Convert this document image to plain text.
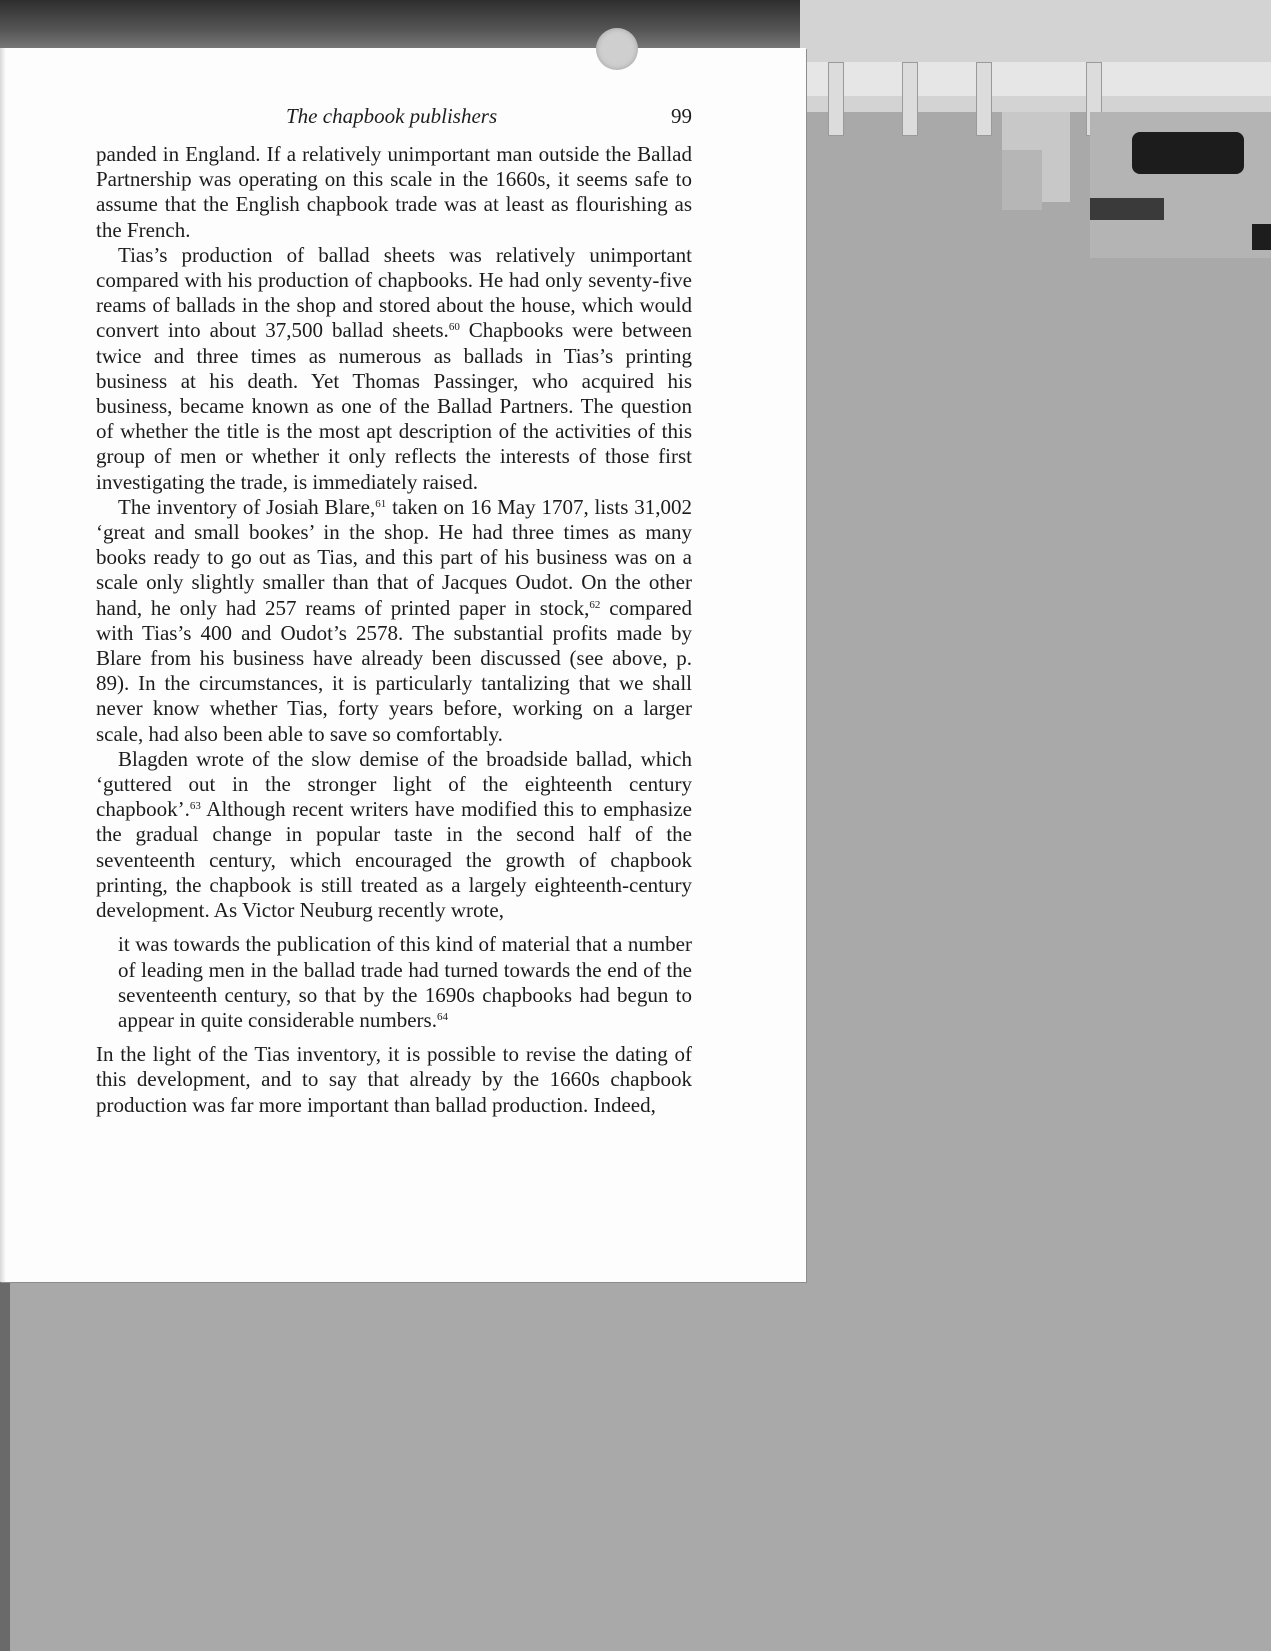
The chapbook publishers	99

panded in England. If a relatively unimportant man outside the Ballad Partnership was operating on this scale in the 1660s, it seems safe to assume that the English chapbook trade was at least as flourishing as the French.

Tias’s production of ballad sheets was relatively unimportant compared with his production of chapbooks. He had only seventy-five reams of ballads in the shop and stored about the house, which would convert into about 37,500 ballad sheets.$^{60}$ Chapbooks were between twice and three times as numerous as ballads in Tias’s printing business at his death. Yet Thomas Passinger, who acquired his business, became known as one of the Ballad Partners. The question of whether the title is the most apt description of the activities of this group of men or whether it only reflects the interests of those first investigating the trade, is immediately raised.

The inventory of Josiah Blare,$^{61}$ taken on 16 May 1707, lists 31,002 ‘great and small bookes’ in the shop. He had three times as many books ready to go out as Tias, and this part of his business was on a scale only slightly smaller than that of Jacques Oudot. On the other hand, he only had 257 reams of printed paper in stock,$^{62}$ compared with Tias’s 400 and Oudot’s 2578. The substantial profits made by Blare from his business have already been discussed (see above, p. 89). In the circumstances, it is particularly tantalizing that we shall never know whether Tias, forty years before, working on a larger scale, had also been able to save so comfortably.

Blagden wrote of the slow demise of the broadside ballad, which ‘guttered out in the stronger light of the eighteenth century chapbook’.$^{63}$ Although recent writers have modified this to emphasize the gradual change in popular taste in the second half of the seventeenth century, which encouraged the growth of chapbook printing, the chapbook is still treated as a largely eighteenth-century development. As Victor Neuburg recently wrote,

it was towards the publication of this kind of material that a number of leading men in the ballad trade had turned towards the end of the seventeenth century, so that by the 1690s chapbooks had begun to appear in quite considerable numbers.$^{64}$

In the light of the Tias inventory, it is possible to revise the dating of this development, and to say that already by the 1660s chapbook production was far more important than ballad production. Indeed,
